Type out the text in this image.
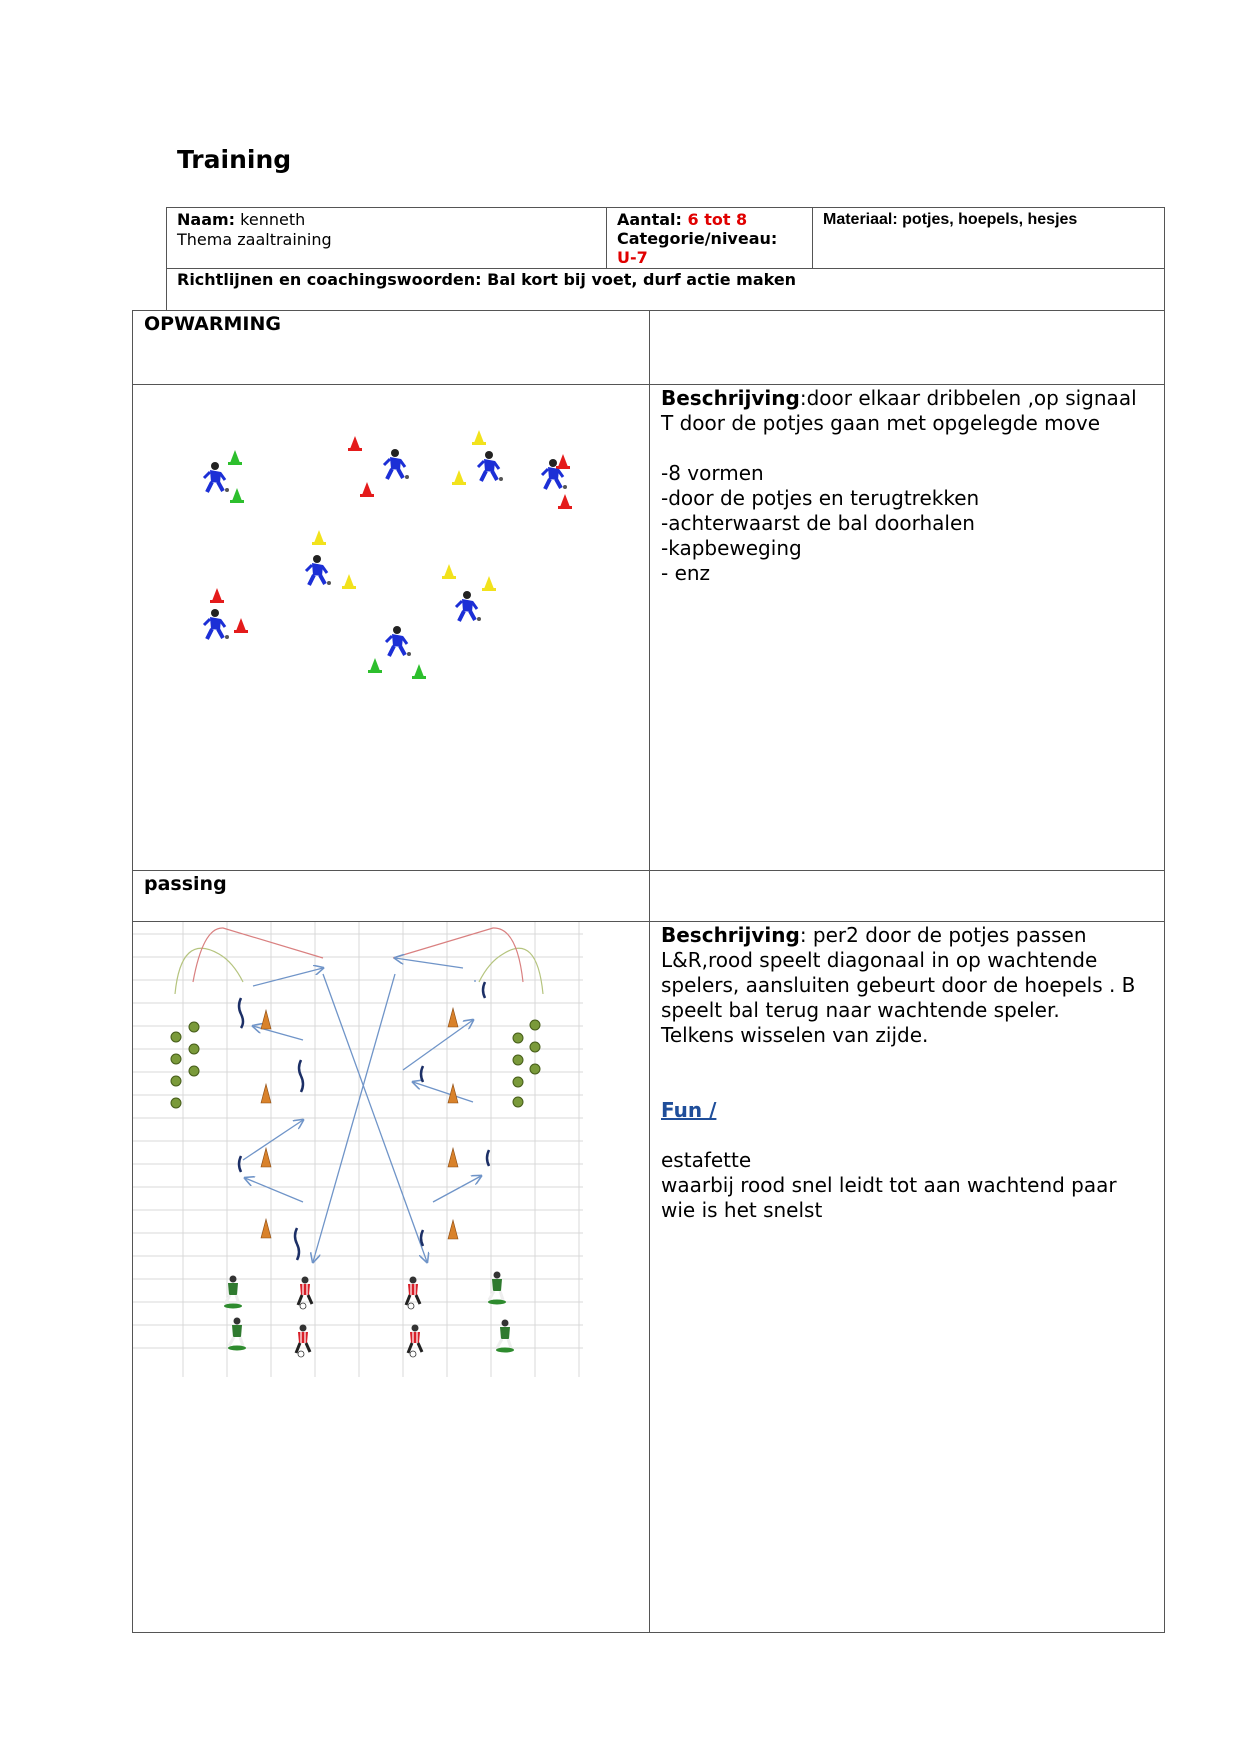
Training
Naam: kenneth
Thema zaaltraining
Aantal: 6 tot 8
Categorie/niveau:
U-7
Materiaal: potjes, hoepels, hesjes
Richtlijnen en coachingswoorden: Bal kort bij voet, durf actie maken
OPWARMING

Beschrijving:door elkaar dribbelen ,op signaal

T door de potjes gaan met opgelegde move

-8 vormen

-door de potjes en terugtrekken

-achterwaarst de bal doorhalen

-kapbeweging

- enz

passing

Beschrijving: per2 door de potjes passen

L&R,rood speelt diagonaal in op wachtende

spelers, aansluiten gebeurt door de hoepels . B

speelt bal terug naar wachtende speler.

Telkens wisselen van zijde.

Fun /

estafette

waarbij rood snel leidt tot aan wachtend paar

wie is het snelst
